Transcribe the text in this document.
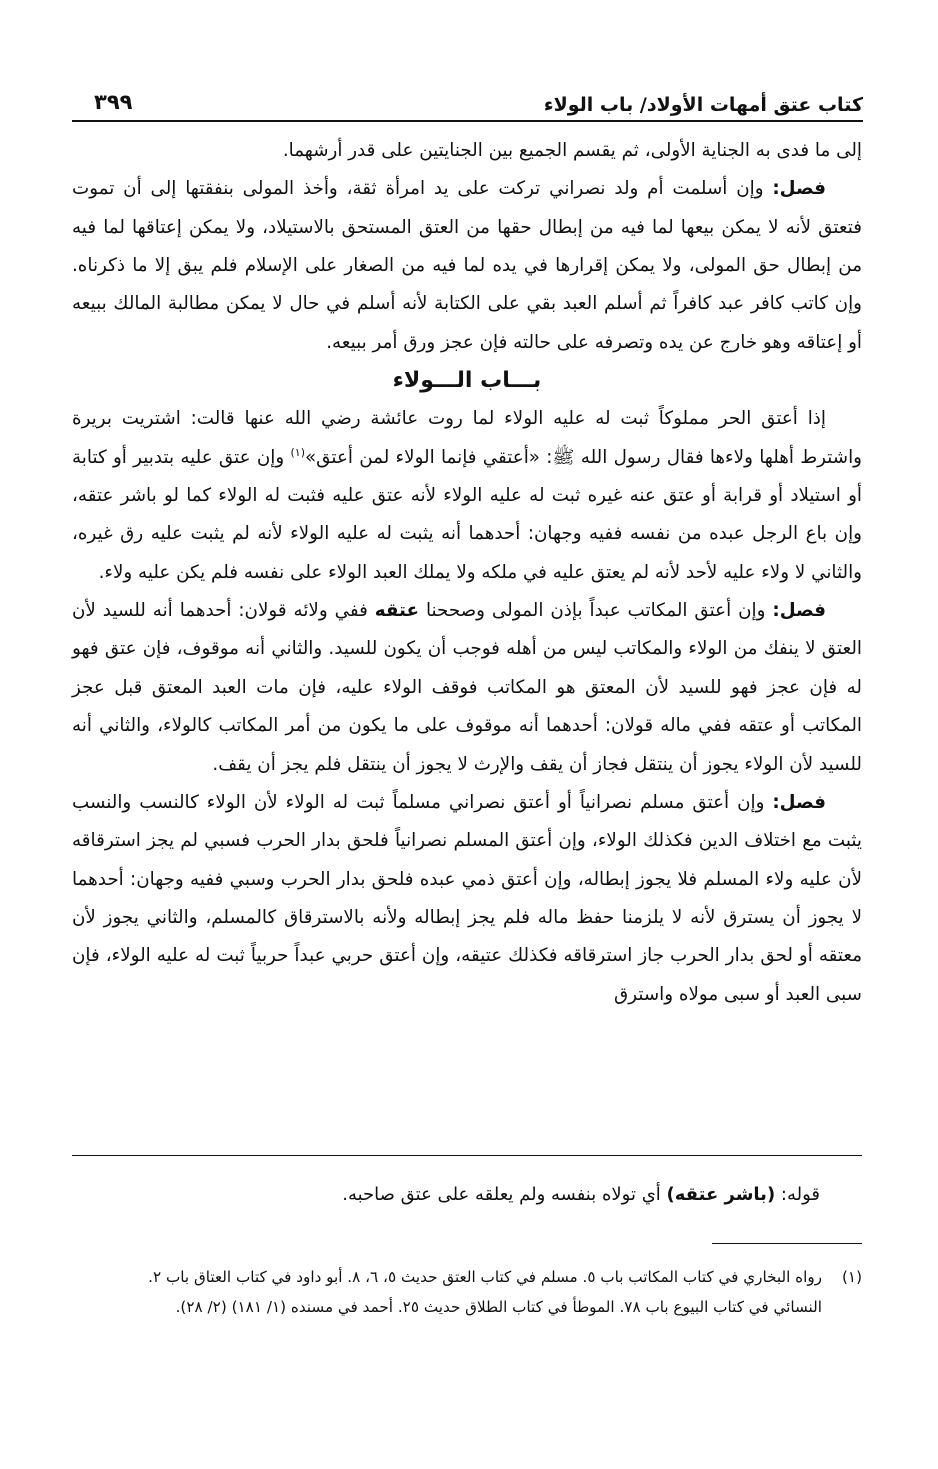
كتاب عتق أمهات الأولاد/ باب الولاء
٣٩٩

إلى ما فدى به الجناية الأولى، ثم يقسم الجميع بين الجنايتين على قدر أرشهما.

فصل: وإن أسلمت أم ولد نصراني تركت على يد امرأة ثقة، وأخذ المولى بنفقتها إلى أن تموت فتعتق لأنه لا يمكن بيعها لما فيه من إبطال حقها من العتق المستحق بالاستيلاد، ولا يمكن إعتاقها لما فيه من إبطال حق المولى، ولا يمكن إقرارها في يده لما فيه من الصغار على الإسلام فلم يبق إلا ما ذكرناه. وإن كاتب كافر عبد كافراً ثم أسلم العبد بقي على الكتابة لأنه أسلم في حال لا يمكن مطالبة المالك ببيعه أو إعتاقه وهو خارج عن يده وتصرفه على حالته فإن عجز ورق أمر ببيعه.

بـــاب الـــولاء

إذا أعتق الحر مملوكاً ثبت له عليه الولاء لما روت عائشة رضي الله عنها قالت: اشتريت بريرة واشترط أهلها ولاءها فقال رسول الله ﷺ: «أعتقي فإنما الولاء لمن أعتق»$^{(١)}$ وإن عتق عليه بتدبير أو كتابة أو استيلاد أو قرابة أو عتق عنه غيره ثبت له عليه الولاء لأنه عتق عليه فثبت له الولاء كما لو باشر عتقه، وإن باع الرجل عبده من نفسه ففيه وجهان: أحدهما أنه يثبت له عليه الولاء لأنه لم يثبت عليه رق غيره، والثاني لا ولاء عليه لأحد لأنه لم يعتق عليه في ملكه ولا يملك العبد الولاء على نفسه فلم يكن عليه ولاء.

فصل: وإن أعتق المكاتب عبداً بإذن المولى وصححنا عتقه ففي ولائه قولان: أحدهما أنه للسيد لأن العتق لا ينفك من الولاء والمكاتب ليس من أهله فوجب أن يكون للسيد. والثاني أنه موقوف، فإن عتق فهو له فإن عجز فهو للسيد لأن المعتق هو المكاتب فوقف الولاء عليه، فإن مات العبد المعتق قبل عجز المكاتب أو عتقه ففي ماله قولان: أحدهما أنه موقوف على ما يكون من أمر المكاتب كالولاء، والثاني أنه للسيد لأن الولاء يجوز أن ينتقل فجاز أن يقف والإرث لا يجوز أن ينتقل فلم يجز أن يقف.

فصل: وإن أعتق مسلم نصرانياً أو أعتق نصراني مسلماً ثبت له الولاء لأن الولاء كالنسب والنسب يثبت مع اختلاف الدين فكذلك الولاء، وإن أعتق المسلم نصرانياً فلحق بدار الحرب فسبي لم يجز استرقاقه لأن عليه ولاء المسلم فلا يجوز إبطاله، وإن أعتق ذمي عبده فلحق بدار الحرب وسبي ففيه وجهان: أحدهما لا يجوز أن يسترق لأنه لا يلزمنا حفظ ماله فلم يجز إبطاله ولأنه بالاسترقاق كالمسلم، والثاني يجوز لأن معتقه أو لحق بدار الحرب جاز استرقاقه فكذلك عتيقه، وإن أعتق حربي عبداً حربياً ثبت له عليه الولاء، فإن سبى العبد أو سبى مولاه واسترق

قوله: (باشر عتقه) أي تولاه بنفسه ولم يعلقه على عتق صاحبه.
(١)
رواه البخاري في كتاب المكاتب باب ٥. مسلم في كتاب العتق حديث ٥، ٦، ٨. أبو داود في كتاب العتاق باب ٢.
النسائي في كتاب البيوع باب ٧٨. الموطأ في كتاب الطلاق حديث ٢٥. أحمد في مسنده (١/ ١٨١) (٢/ ٢٨).
